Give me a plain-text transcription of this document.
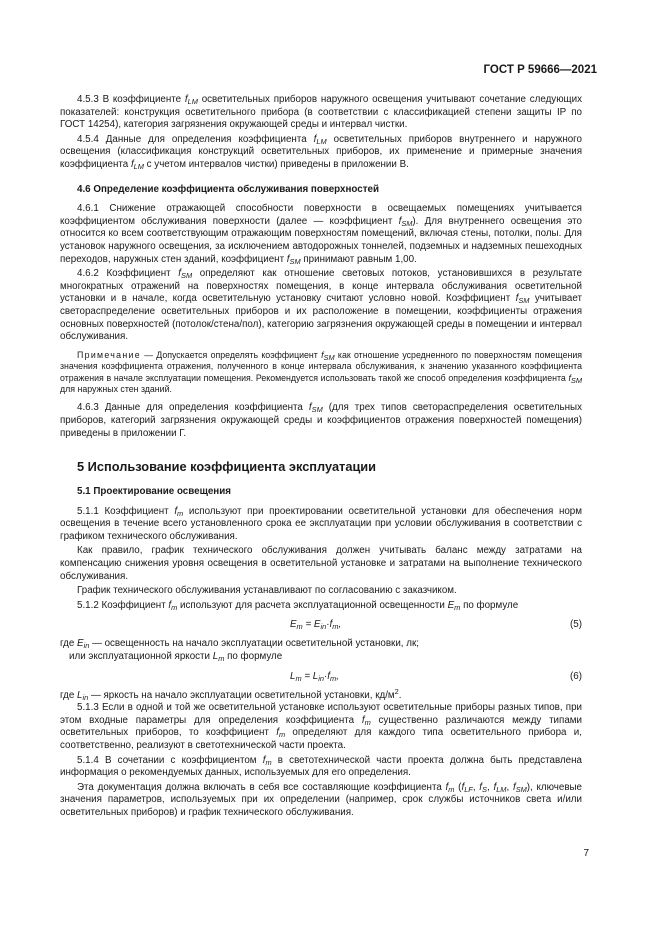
ГОСТ Р 59666—2021

4.5.3 В коэффициенте $f_{LM}$ осветительных приборов наружного освещения учитывают сочетание следующих показателей: конструкция осветительного прибора (в соответствии с классификацией степени защиты IP по ГОСТ 14254), категория загрязнения окружающей среды и интервал чистки.

4.5.4 Данные для определения коэффициента $f_{LM}$ осветительных приборов внутреннего и наружного освещения (классификация конструкций осветительных приборов, их применение и примерные значения коэффициента $f_{LM}$ с учетом интервалов чистки) приведены в приложении В.

4.6 Определение коэффициента обслуживания поверхностей

4.6.1 Снижение отражающей способности поверхности в освещаемых помещениях учитывается коэффициентом обслуживания поверхности (далее — коэффициент $f_{SM}$). Для внутреннего освещения это относится ко всем соответствующим отражающим поверхностям помещений, включая стены, потолки, полы. Для установок наружного освещения, за исключением автодорожных тоннелей, подземных и надземных пешеходных переходов, наружных стен зданий, коэффициент $f_{SM}$ принимают равным 1,00.

4.6.2 Коэффициент $f_{SM}$ определяют как отношение световых потоков, установившихся в результате многократных отражений на поверхностях помещения, в конце интервала обслуживания осветительной установки и в начале, когда осветительную установку считают условно новой. Коэффициент $f_{SM}$ учитывает светораспределение осветительных приборов и их расположение в помещении, коэффициенты отражения основных поверхностей (потолок/стена/пол), категорию загрязнения окружающей среды в помещении и интервал обслуживания.

Примечание — Допускается определять коэффициент $f_{SM}$ как отношение усредненного по поверхностям помещения значения коэффициента отражения, полученного в конце интервала обслуживания, к значению указанного коэффициента отражения в начале эксплуатации помещения. Рекомендуется использовать такой же способ определения коэффициента $f_{SM}$ для наружных стен зданий.

4.6.3 Данные для определения коэффициента $f_{SM}$ (для трех типов светораспределения осветительных приборов, категорий загрязнения окружающей среды и коэффициентов отражения поверхностей помещения) приведены в приложении Г.

5 Использование коэффициента эксплуатации
5.1 Проектирование освещения

5.1.1 Коэффициент $f_m$ используют при проектировании осветительной установки для обеспечения норм освещения в течение всего установленного срока ее эксплуатации при условии обслуживания в соответствии с графиком технического обслуживания.

Как правило, график технического обслуживания должен учитывать баланс между затратами на компенсацию снижения уровня освещения в осветительной установке и затратами на выполнение технического обслуживания.

График технического обслуживания устанавливают по согласованию с заказчиком.

5.1.2 Коэффициент $f_m$ используют для расчета эксплуатационной освещенности $E_m$ по формуле

$E_m = E_{in}\cdot f_m$,	(5)

где $E_{in}$ — освещенность на начало эксплуатации осветительной установки, лк;

или эксплуатационной яркости $L_m$ по формуле

$L_m = L_{in}\cdot f_m$,	(6)

где $L_{in}$ — яркость на начало эксплуатации осветительной установки, $кд/м^2$.

5.1.3 Если в одной и той же осветительной установке используют осветительные приборы разных типов, при этом входные параметры для определения коэффициента $f_m$ существенно различаются между типами осветительных приборов, то коэффициент $f_m$ определяют для каждого типа осветительного прибора и, соответственно, реализуют в светотехнической части проекта.

5.1.4 В сочетании с коэффициентом $f_m$ в светотехнической части проекта должна быть представлена информация о рекомендуемых данных, используемых для его определения.

Эта документация должна включать в себя все составляющие коэффициента $f_m$ ($f_{LF}$, $f_S$, $f_{LM}$, $f_{SM}$), ключевые значения параметров, используемых при их определении (например, срок службы источников света и/или осветительных приборов) и график технического обслуживания.

7
